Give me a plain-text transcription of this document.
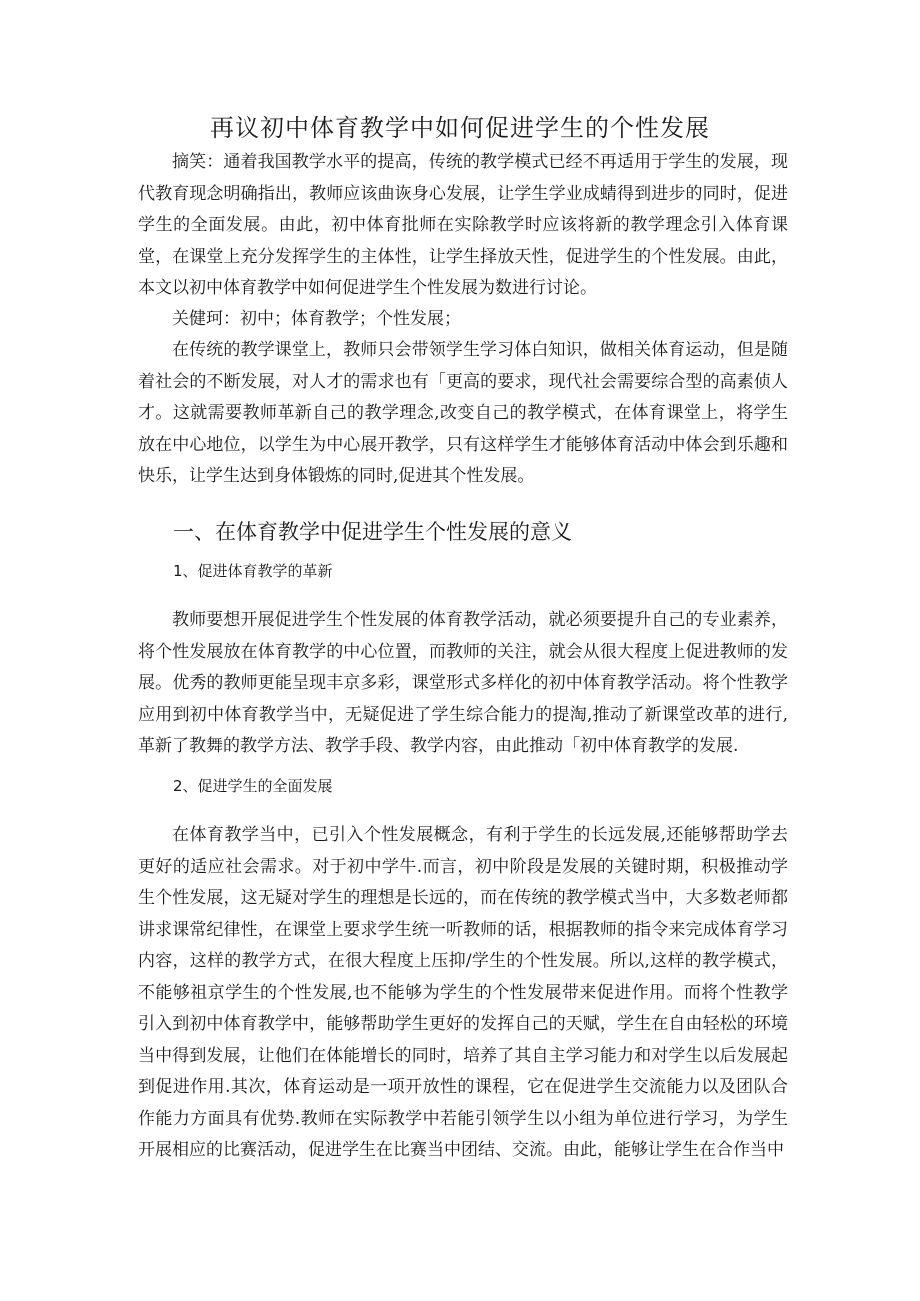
再议初中体育教学中如何促进学生的个性发展

摘笑：通着我国教学水平的提高，传统的教学模式已经不再适用于学生的发展，现代教育现念明确指出，教师应该曲诙身心发展，让学生学业成蜻得到进步的同时，促进学生的全面发展。由此，初中体育批师在实除教学时应该将新的教学理念引入体育课堂，在课堂上充分发挥学生的主体性，让学生择放天性，促进学生的个性发展。由此，本文以初中体育教学中如何促进学生个性发展为数进行讨论。

关健珂：初中；体育教学；个性发展；

在传统的教学课堂上，教师只会带领学生学习体白知识，做相关体育运动，但是随着社会的不断发展，对人才的需求也有「更高的要求，现代社会需要综合型的高素侦人才。这就需要教师革新自己的教学理念,改变自己的教学模式，在体育课堂上，将学生放在中心地位，以学生为中心展开教学，只有这样学生才能够体育活动中体会到乐趣和快乐，让学生达到身体锻炼的同时,促进其个性发展。

一、在体育教学中促进学生个性发展的意义
1、促进体育教学的革新

教师要想开展促进学生个性发展的体育教学活动，就必须要提升自己的专业素养，将个性发展放在体育教学的中心位置，而教师的关注，就会从很大程度上促进教师的发展。优秀的教师更能呈现丰京多彩，课堂形式多样化的初中体育教学活动。将个性教学应用到初中体育教学当中，无疑促进了学生综合能力的提淘,推动了新课堂改革的进行,革新了教舞的教学方法、教学手段、教学内容，由此推动「初中体育教学的发展.

2、促进学生的全面发展

在体育教学当中，已引入个性发展概念，有利于学生的长远发展,还能够帮助学去更好的适应社会需求。对于初中学牛.而言，初中阶段是发展的关键时期，积极推动学生个性发展，这无疑对学生的理想是长远的，而在传统的教学模式当中，大多数老师都讲求课常纪律性，在课堂上要求学生统一听教师的话，根据教师的指令来完成体育学习内容，这样的教学方式，在很大程度上压抑/学生的个性发展。所以,这样的教学模式，不能够祖京学生的个性发展,也不能够为学生的个性发展带来促进作用。而将个性教学引入到初中体育教学中，能够帮助学生更好的发挥自己的天赋，学生在自由轻松的环境当中得到发展，让他们在体能增长的同时，培养了其自主学习能力和对学生以后发展起到促进作用.其次，体育运动是一项开放性的课程，它在促进学生交流能力以及团队合作能力方面具有优势.教师在实际教学中若能引领学生以小组为单位进行学习，为学生开展相应的比赛活动，促进学生在比赛当中团结、交流。由此，能够让学生在合作当中
